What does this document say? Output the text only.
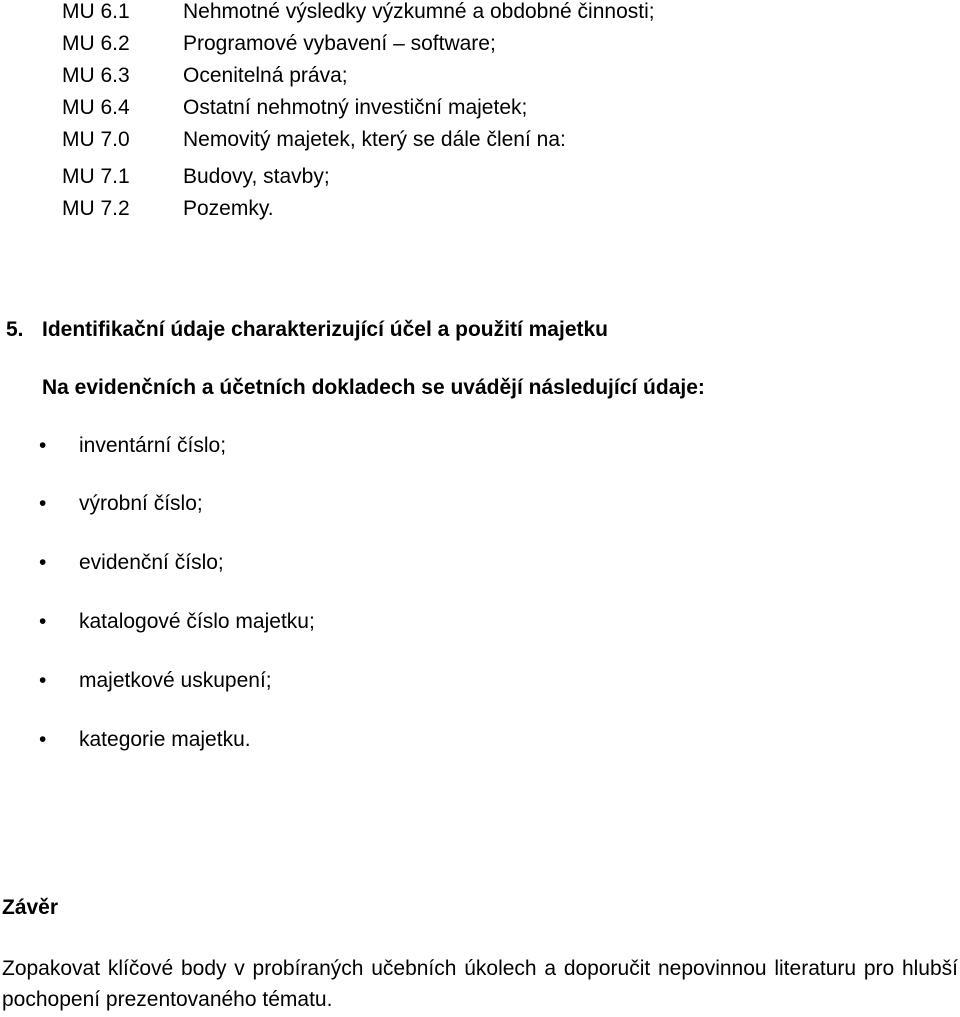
MU 6.1	Nehmotné výsledky výzkumné a obdobné činnosti;
MU 6.2	Programové vybavení – software;
MU 6.3	Ocenitelná práva;
MU 6.4	Ostatní nehmotný investiční majetek;
MU 7.0	Nemovitý majetek, který se dále člení na:
MU 7.1	Budovy, stavby;
MU 7.2	Pozemky.
5. Identifikační údaje charakterizující účel a použití majetku
Na evidenčních a účetních dokladech se uvádějí následující údaje:
• inventární číslo;
• výrobní číslo;
• evidenční číslo;
• katalogové číslo majetku;
• majetkové uskupení;
• kategorie majetku.
Závěr
Zopakovat klíčové body v probíraných učebních úkolech a doporučit nepovinnou literaturu pro hlubší pochopení prezentovaného tématu.
